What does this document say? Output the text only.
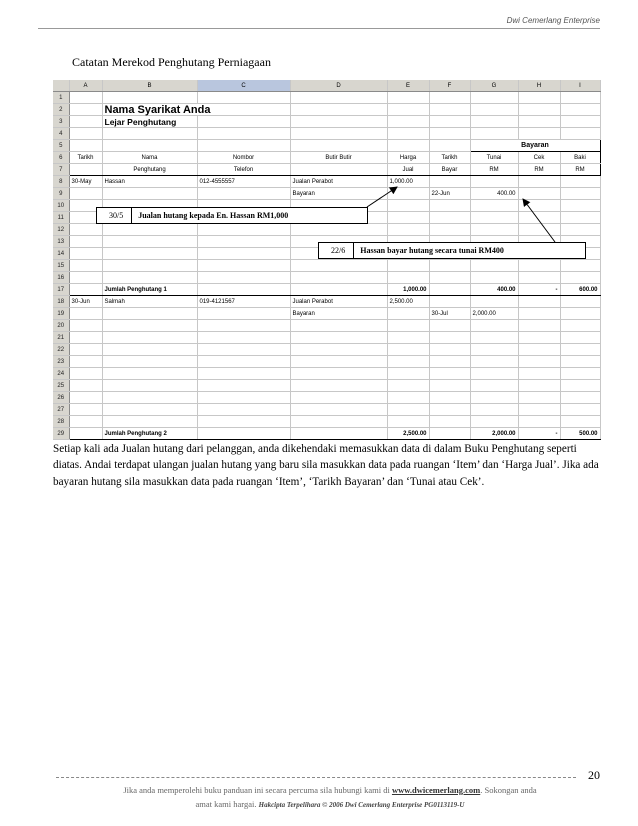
Dwi Cemerlang Enterprise
Catatan Merekod Penghutang Perniagaan
	A	B	C	D	E	F	G	H	I
1									
2		Nama Syarikat Anda							
3		Lejar Penghutang							
4									
5							Bayaran		
6	Tarikh	Nama	Nombor	Butir Butir	Harga	Tarikh	Tunai	Cek	Baki
7		Penghutang	Telefon		Jual	Bayar	RM	RM	RM
8	30-May	Hassan	012-4555557	Jualan Perabot	1,000.00				
9				Bayaran		22-Jun	400.00		
10									
11									
12									
13									
14									
15									
16									
17		Jumlah Penghutang 1			1,000.00		400.00	-	600.00
18	30-Jun	Salmah	019-4121567	Jualan Perabot	2,500.00				
19				Bayaran		30-Jul	2,000.00		
20									
21									
22									
23									
24									
25									
26									
27									
28									
29		Jumlah Penghutang 2			2,500.00		2,000.00	-	500.00
30/5	Jualan hutang kepada En. Hassan RM1,000
22/6	Hassan bayar hutang secara tunai RM400
Setiap kali ada Jualan hutang dari pelanggan, anda dikehendaki memasukkan data di dalam Buku Penghutang seperti diatas. Andai terdapat ulangan jualan hutang yang baru sila masukkan data pada ruangan ‘Item’ dan ‘Harga Jual’. Jika ada bayaran hutang sila masukkan data pada ruangan ‘Item’, ‘Tarikh Bayaran’ dan ‘Tunai atau Cek’.
20
Jika anda memperolehi buku panduan ini secara percuma sila hubungi kami di www.dwicemerlang.com. Sokongan anda
amat kami hargai. Hakcipta Terpelihara © 2006 Dwi Cemerlang Enterprise PG0113119-U
